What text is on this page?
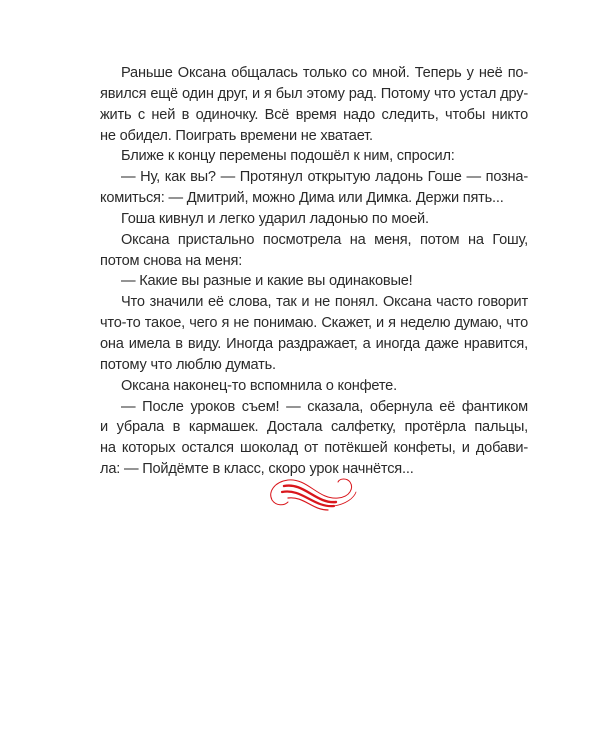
Раньше Оксана общалась только со мной. Теперь у неё по-
явился ещё один друг, и я был этому рад. Потому что устал дру-
жить с ней в одиночку. Всё время надо следить, чтобы никто
не обидел. Поиграть времени не хватает.
Ближе к концу перемены подошёл к ним, спросил:
— Ну, как вы? — Протянул открытую ладонь Гоше — позна-
комиться: — Дмитрий, можно Дима или Димка. Держи пять...
Гоша кивнул и легко ударил ладонью по моей.
Оксана пристально посмотрела на меня, потом на Гошу,
потом снова на меня:
— Какие вы разные и какие вы одинаковые!
Что значили её слова, так и не понял. Оксана часто говорит
что-то такое, чего я не понимаю. Скажет, и я неделю думаю, что
она имела в виду. Иногда раздражает, а иногда даже нравится,
потому что люблю думать.
Оксана наконец-то вспомнила о конфете.
— После уроков съем! — сказала, обернула её фантиком
и убрала в кармашек. Достала салфетку, протёрла пальцы,
на которых остался шоколад от потёкшей конфеты, и добави-
ла: — Пойдёмте в класс, скоро урок начнётся...
